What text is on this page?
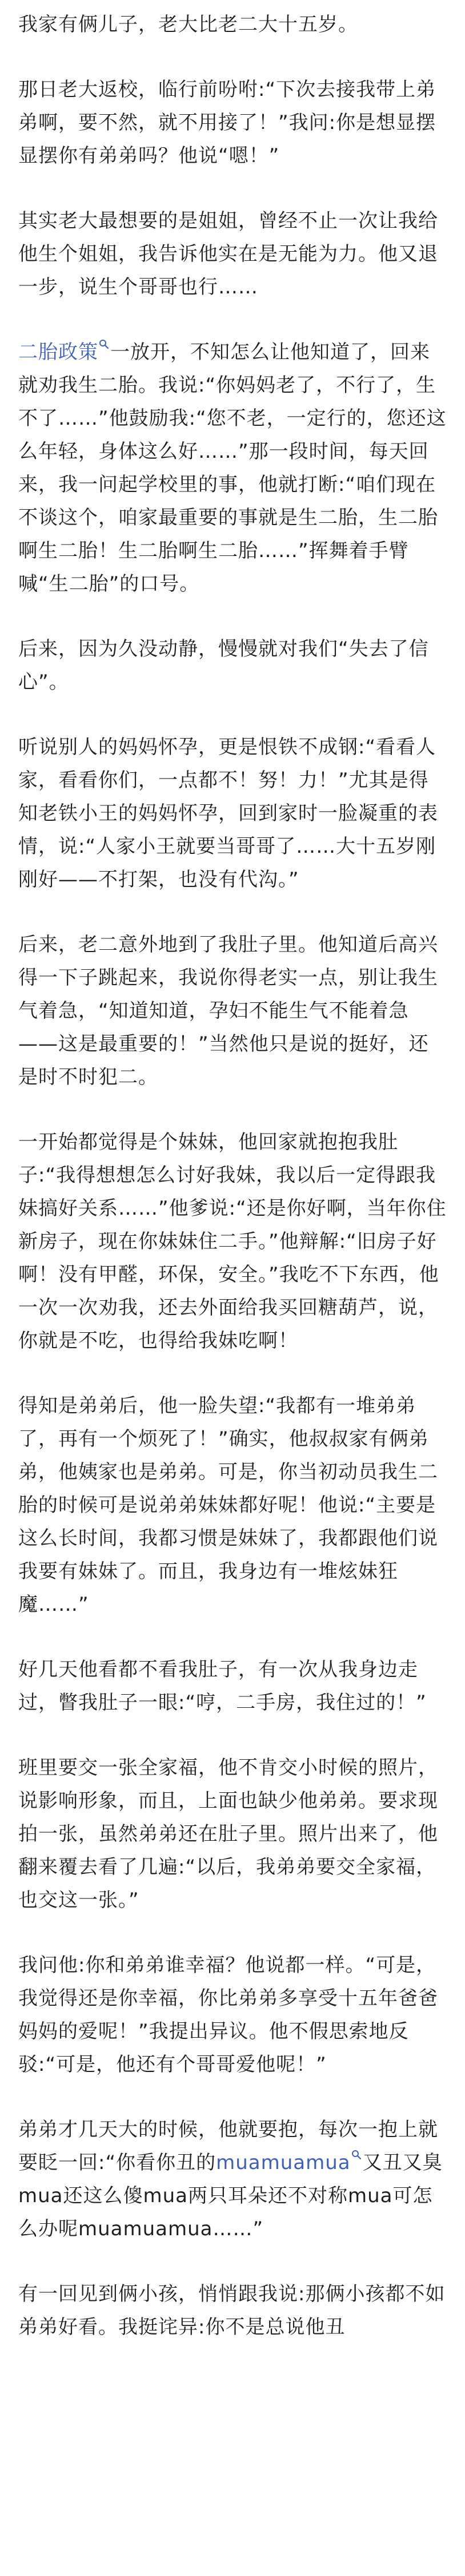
我家有俩儿子，老大比老二大十五岁。

那日老大返校，临行前吩咐:“下次去接我带上弟弟啊，要不然，就不用接了！”我问:你是想显摆显摆你有弟弟吗？他说“嗯！”

其实老大最想要的是姐姐，曾经不止一次让我给他生个姐姐，我告诉他实在是无能为力。他又退一步，说生个哥哥也行……

二胎政策 一放开，不知怎么让他知道了，回来就劝我生二胎。我说:“你妈妈老了，不行了，生不了……”他鼓励我:“您不老，一定行的，您还这么年轻，身体这么好……”那一段时间，每天回来，我一问起学校里的事，他就打断:“咱们现在不谈这个，咱家最重要的事就是生二胎，生二胎啊生二胎！生二胎啊生二胎……”挥舞着手臂喊“生二胎”的口号。

后来，因为久没动静，慢慢就对我们“失去了信心”。

听说别人的妈妈怀孕，更是恨铁不成钢:“看看人家，看看你们，一点都不！努！力！”尤其是得知老铁小王的妈妈怀孕，回到家时一脸凝重的表情，说:“人家小王就要当哥哥了……大十五岁刚刚好——不打架，也没有代沟。”

后来，老二意外地到了我肚子里。他知道后高兴得一下子跳起来，我说你得老实一点，别让我生气着急，“知道知道，孕妇不能生气不能着急——这是最重要的！”当然他只是说的挺好，还是时不时犯二。

一开始都觉得是个妹妹，他回家就抱抱我肚子:“我得想想怎么讨好我妹，我以后一定得跟我妹搞好关系……”他爹说:“还是你好啊，当年你住新房子，现在你妹妹住二手。”他辩解:“旧房子好啊！没有甲醛，环保，安全。”我吃不下东西，他一次一次劝我，还去外面给我买回糖葫芦，说，你就是不吃，也得给我妹吃啊！

得知是弟弟后，他一脸失望:“我都有一堆弟弟了，再有一个烦死了！”确实，他叔叔家有俩弟弟，他姨家也是弟弟。可是，你当初动员我生二胎的时候可是说弟弟妹妹都好呢！他说:“主要是这么长时间，我都习惯是妹妹了，我都跟他们说我要有妹妹了。而且，我身边有一堆炫妹狂魔……”

好几天他看都不看我肚子，有一次从我身边走过，瞥我肚子一眼:“哼，二手房，我住过的！”

班里要交一张全家福，他不肯交小时候的照片，说影响形象，而且，上面也缺少他弟弟。要求现拍一张，虽然弟弟还在肚子里。照片出来了，他翻来覆去看了几遍:“以后，我弟弟要交全家福，也交这一张。”

我问他:你和弟弟谁幸福？他说都一样。“可是，我觉得还是你幸福，你比弟弟多享受十五年爸爸妈妈的爱呢！”我提出异议。他不假思索地反驳:“可是，他还有个哥哥爱他呢！”

弟弟才几天大的时候，他就要抱，每次一抱上就要眨一回:“你看你丑的muamuamua 又丑又臭mua还这么傻mua两只耳朵还不对称mua可怎么办呢muamuamua……”

有一回见到俩小孩，悄悄跟我说:那俩小孩都不如弟弟好看。我挺诧异:你不是总说他丑
